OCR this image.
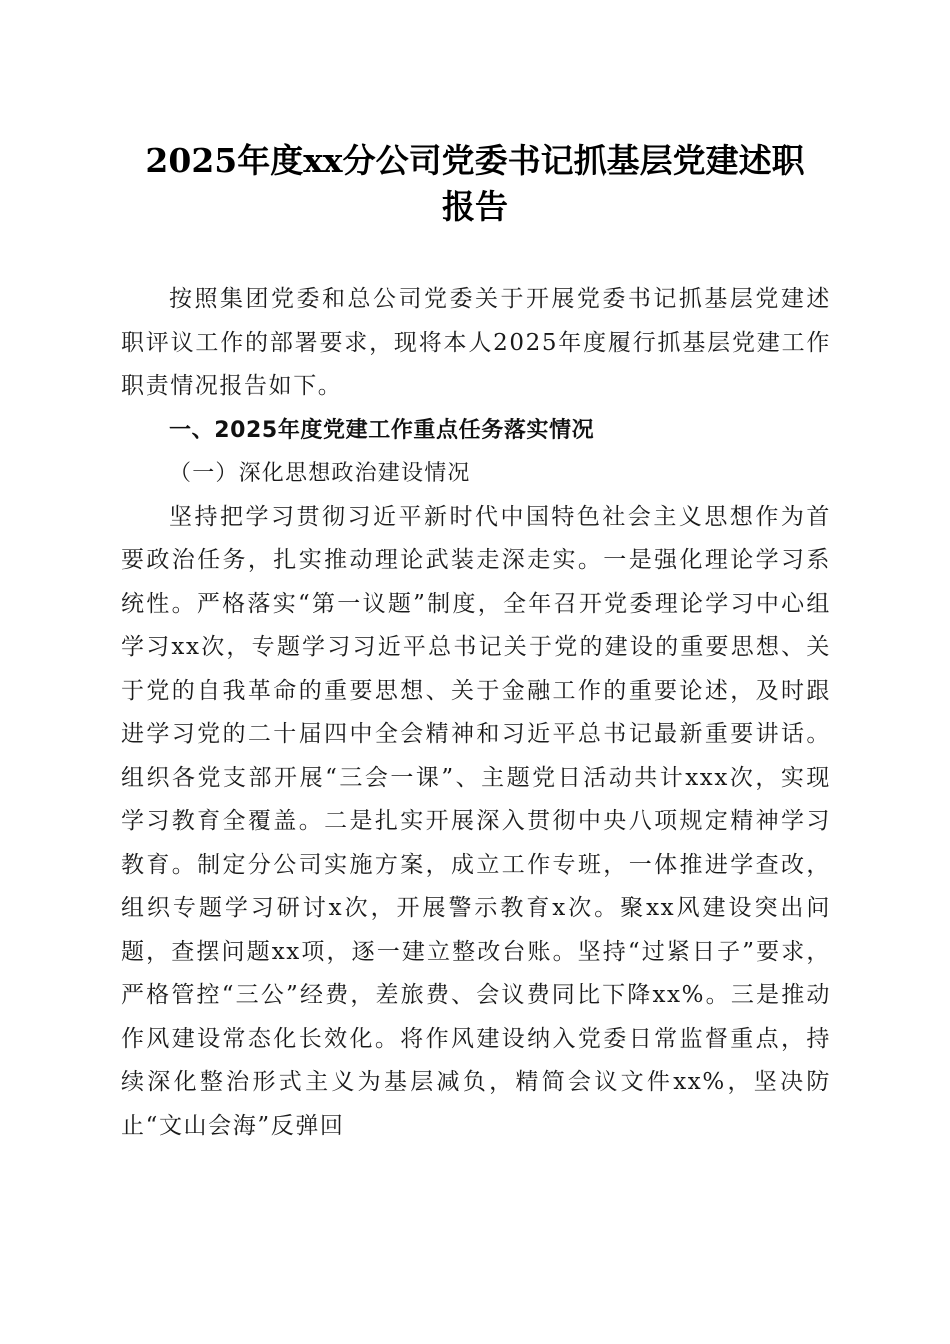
2025年度xx分公司党委书记抓基层党建述职
报告

按照集团党委和总公司党委关于开展党委书记抓基层党建述职评议工作的部署要求，现将本人2025年度履行抓基层党建工作职责情况报告如下。

一、2025年度党建工作重点任务落实情况

（一）深化思想政治建设情况

坚持把学习贯彻习近平新时代中国特色社会主义思想作为首要政治任务，扎实推动理论武装走深走实。一是强化理论学习系统性。严格落实“第一议题”制度，全年召开党委理论学习中心组学习xx次，专题学习习近平总书记关于党的建设的重要思想、关于党的自我革命的重要思想、关于金融工作的重要论述，及时跟进学习党的二十届四中全会精神和习近平总书记最新重要讲话。组织各党支部开展“三会一课”、主题党日活动共计xxx次，实现学习教育全覆盖。二是扎实开展深入贯彻中央八项规定精神学习教育。制定分公司实施方案，成立工作专班，一体推进学查改，组织专题学习研讨x次，开展警示教育x次。聚xx风建设突出问题，查摆问题xx项，逐一建立整改台账。坚持“过紧日子”要求，严格管控“三公”经费，差旅费、会议费同比下降xx%。三是推动作风建设常态化长效化。将作风建设纳入党委日常监督重点，持续深化整治形式主义为基层减负，精简会议文件xx%，坚决防止“文山会海”反弹回
